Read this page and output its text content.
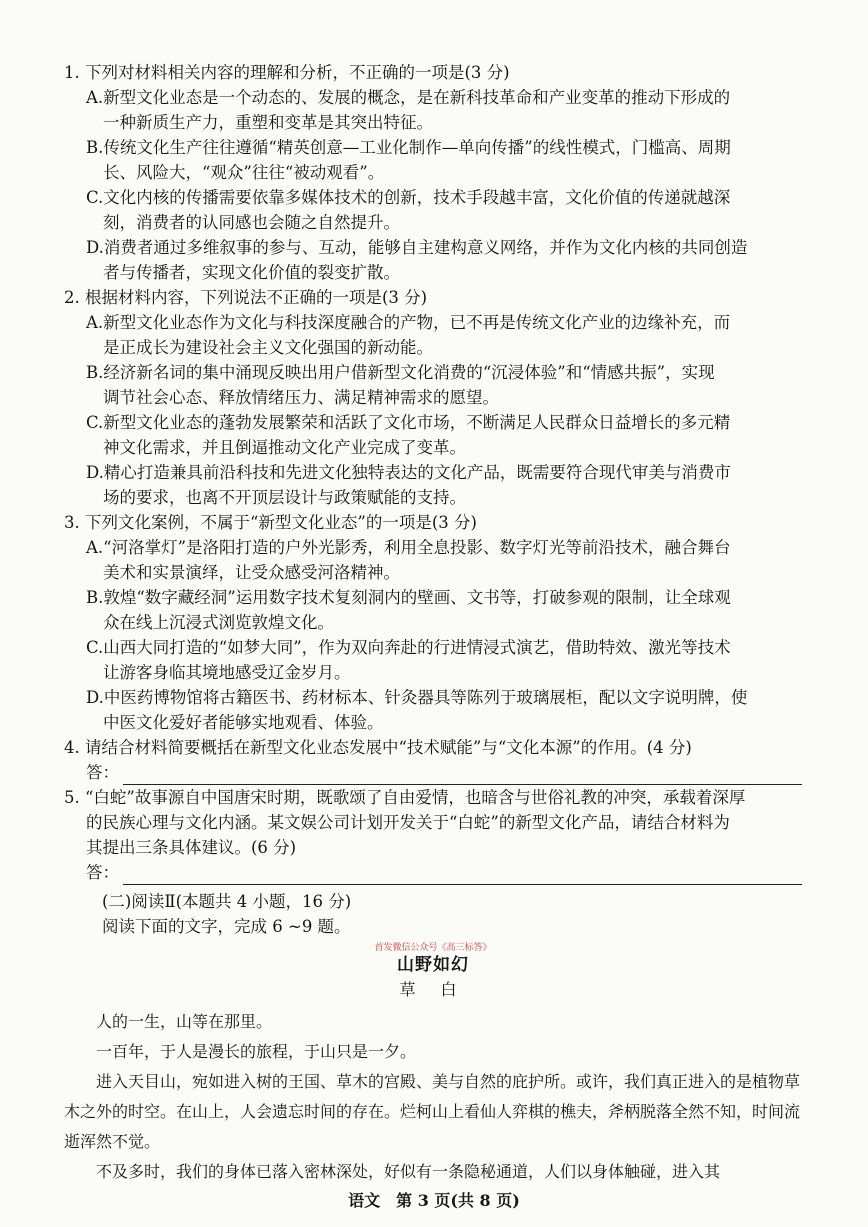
1. 下列对材料相关内容的理解和分析，不正确的一项是(3 分)

A.新型文化业态是一个动态的、发展的概念，是在新科技革命和产业变革的推动下形成的

一种新质生产力，重塑和变革是其突出特征。

B.传统文化生产往往遵循“精英创意—工业化制作—单向传播”的线性模式，门槛高、周期

长、风险大，“观众”往往“被动观看”。

C.文化内核的传播需要依靠多媒体技术的创新，技术手段越丰富，文化价值的传递就越深

刻，消费者的认同感也会随之自然提升。

D.消费者通过多维叙事的参与、互动，能够自主建构意义网络，并作为文化内核的共同创造

者与传播者，实现文化价值的裂变扩散。

2. 根据材料内容，下列说法不正确的一项是(3 分)

A.新型文化业态作为文化与科技深度融合的产物，已不再是传统文化产业的边缘补充，而

是正成长为建设社会主义文化强国的新动能。

B.经济新名词的集中涌现反映出用户借新型文化消费的“沉浸体验”和“情感共振”，实现

调节社会心态、释放情绪压力、满足精神需求的愿望。

C.新型文化业态的蓬勃发展繁荣和活跃了文化市场，不断满足人民群众日益增长的多元精

神文化需求，并且倒逼推动文化产业完成了变革。

D.精心打造兼具前沿科技和先进文化独特表达的文化产品，既需要符合现代审美与消费市

场的要求，也离不开顶层设计与政策赋能的支持。

3. 下列文化案例，不属于“新型文化业态”的一项是(3 分)

A.“河洛掌灯”是洛阳打造的户外光影秀，利用全息投影、数字灯光等前沿技术，融合舞台

美术和实景演绎，让受众感受河洛精神。

B.敦煌“数字藏经洞”运用数字技术复刻洞内的壁画、文书等，打破参观的限制，让全球观

众在线上沉浸式浏览敦煌文化。

C.山西大同打造的“如梦大同”，作为双向奔赴的行进情浸式演艺，借助特效、激光等技术

让游客身临其境地感受辽金岁月。

D.中医药博物馆将古籍医书、药材标本、针灸器具等陈列于玻璃展柜，配以文字说明牌，使

中医文化爱好者能够实地观看、体验。

4. 请结合材料简要概括在新型文化业态发展中“技术赋能”与“文化本源”的作用。(4 分)

答：

5. “白蛇”故事源自中国唐宋时期，既歌颂了自由爱情，也暗含与世俗礼教的冲突，承载着深厚

的民族心理与文化内涵。某文娱公司计划开发关于“白蛇”的新型文化产品，请结合材料为

其提出三条具体建议。(6 分)

答：
(二)阅读Ⅱ(本题共 4 小题，16 分)
阅读下面的文字，完成 6 ~9 题。
首发微信公众号《高三标答》
山野如幻
草 白

人的一生，山等在那里。

一百年，于人是漫长的旅程，于山只是一夕。

进入天目山，宛如进入树的王国、草木的宫殿、美与自然的庇护所。或许，我们真正进入的是植物草木之外的时空。在山上，人会遗忘时间的存在。烂柯山上看仙人弈棋的樵夫，斧柄脱落全然不知，时间流逝浑然不觉。

不及多时，我们的身体已落入密林深处，好似有一条隐秘通道，人们以身体触碰，进入其

语文　第 3 页(共 8 页)
